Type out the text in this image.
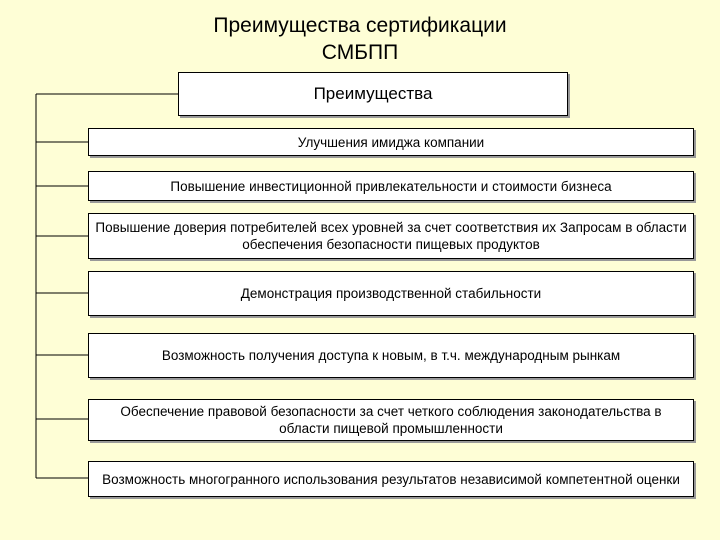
Преимущества сертификации
СМБПП
Преимущества
Улучшения имиджа компании
Повышение инвестиционной привлекательности и стоимости бизнеса
Повышение доверия потребителей всех уровней за счет соответствия их Запросам в области обеспечения безопасности пищевых продуктов
Демонстрация производственной стабильности
Возможность получения доступа к новым, в т.ч. международным рынкам
Обеспечение правовой безопасности за счет четкого соблюдения законодательства в области пищевой промышленности
Возможность многогранного использования результатов независимой компетентной оценки
